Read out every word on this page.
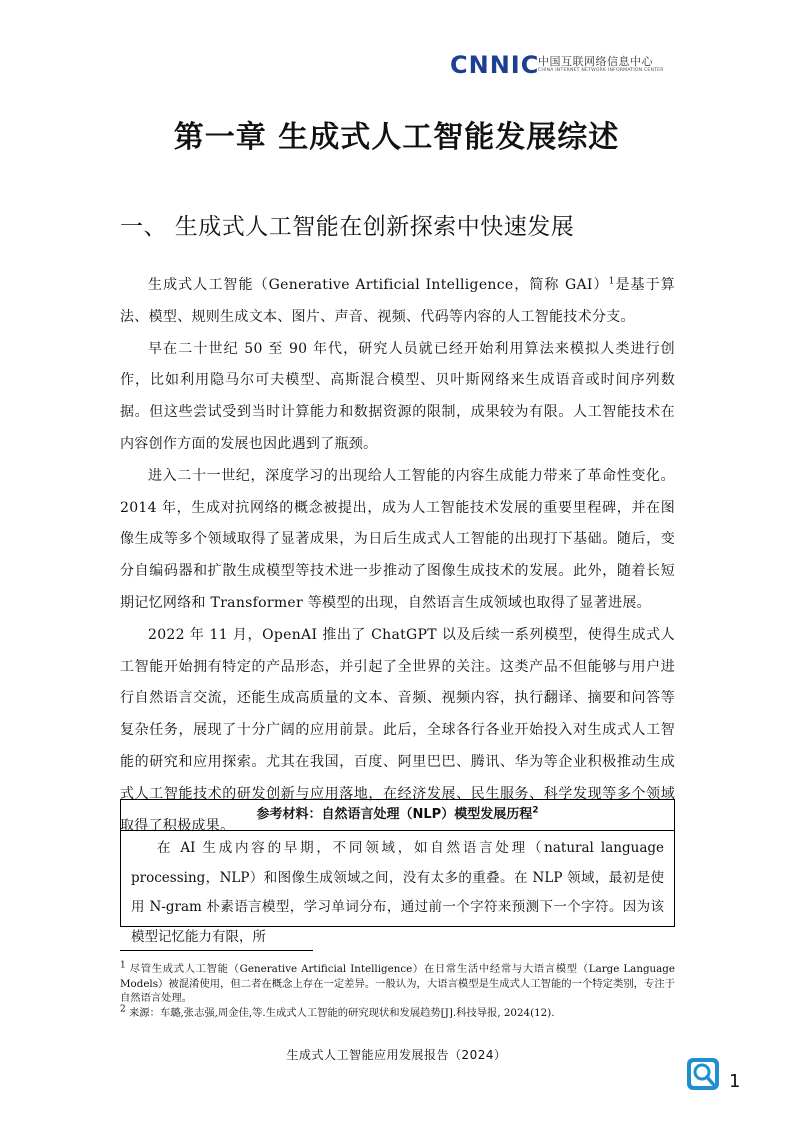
CNNIC
中国互联网络信息中心
CHINA INTERNET NETWORK INFORMATION CENTER
第一章 生成式人工智能发展综述
一、 生成式人工智能在创新探索中快速发展

生成式人工智能（Generative Artificial Intelligence，简称 GAI）$^1$是基于算法、模型、规则生成文本、图片、声音、视频、代码等内容的人工智能技术分支。

早在二十世纪 50 至 90 年代，研究人员就已经开始利用算法来模拟人类进行创作，比如利用隐马尔可夫模型、高斯混合模型、贝叶斯网络来生成语音或时间序列数据。但这些尝试受到当时计算能力和数据资源的限制，成果较为有限。人工智能技术在内容创作方面的发展也因此遇到了瓶颈。

进入二十一世纪，深度学习的出现给人工智能的内容生成能力带来了革命性变化。2014 年，生成对抗网络的概念被提出，成为人工智能技术发展的重要里程碑，并在图像生成等多个领域取得了显著成果，为日后生成式人工智能的出现打下基础。随后，变分自编码器和扩散生成模型等技术进一步推动了图像生成技术的发展。此外，随着长短期记忆网络和 Transformer 等模型的出现，自然语言生成领域也取得了显著进展。

2022 年 11 月，OpenAI 推出了 ChatGPT 以及后续一系列模型，使得生成式人工智能开始拥有特定的产品形态，并引起了全世界的关注。这类产品不但能够与用户进行自然语言交流，还能生成高质量的文本、音频、视频内容，执行翻译、摘要和问答等复杂任务，展现了十分广阔的应用前景。此后，全球各行各业开始投入对生成式人工智能的研究和应用探索。尤其在我国，百度、阿里巴巴、腾讯、华为等企业积极推动生成式人工智能技术的研发创新与应用落地，在经济发展、民生服务、科学发现等多个领域取得了积极成果。

参考材料：自然语言处理（NLP）模型发展历程$^2$

在 AI 生成内容的早期，不同领域，如自然语言处理（natural language processing，NLP）和图像生成领域之间，没有太多的重叠。在 NLP 领域，最初是使用 N-gram 朴素语言模型，学习单词分布，通过前一个字符来预测下一个字符。因为该模型记忆能力有限，所

$^1$ 尽管生成式人工智能（Generative Artificial Intelligence）在日常生活中经常与大语言模型（Large Language Models）被混淆使用，但二者在概念上存在一定差异。一般认为，大语言模型是生成式人工智能的一个特定类别，专注于自然语言处理。

$^2$ 来源：车璐,张志强,周金佳,等.生成式人工智能的研究现状和发展趋势[J].科技导报, 2024(12).

生成式人工智能应用发展报告（2024）
1
